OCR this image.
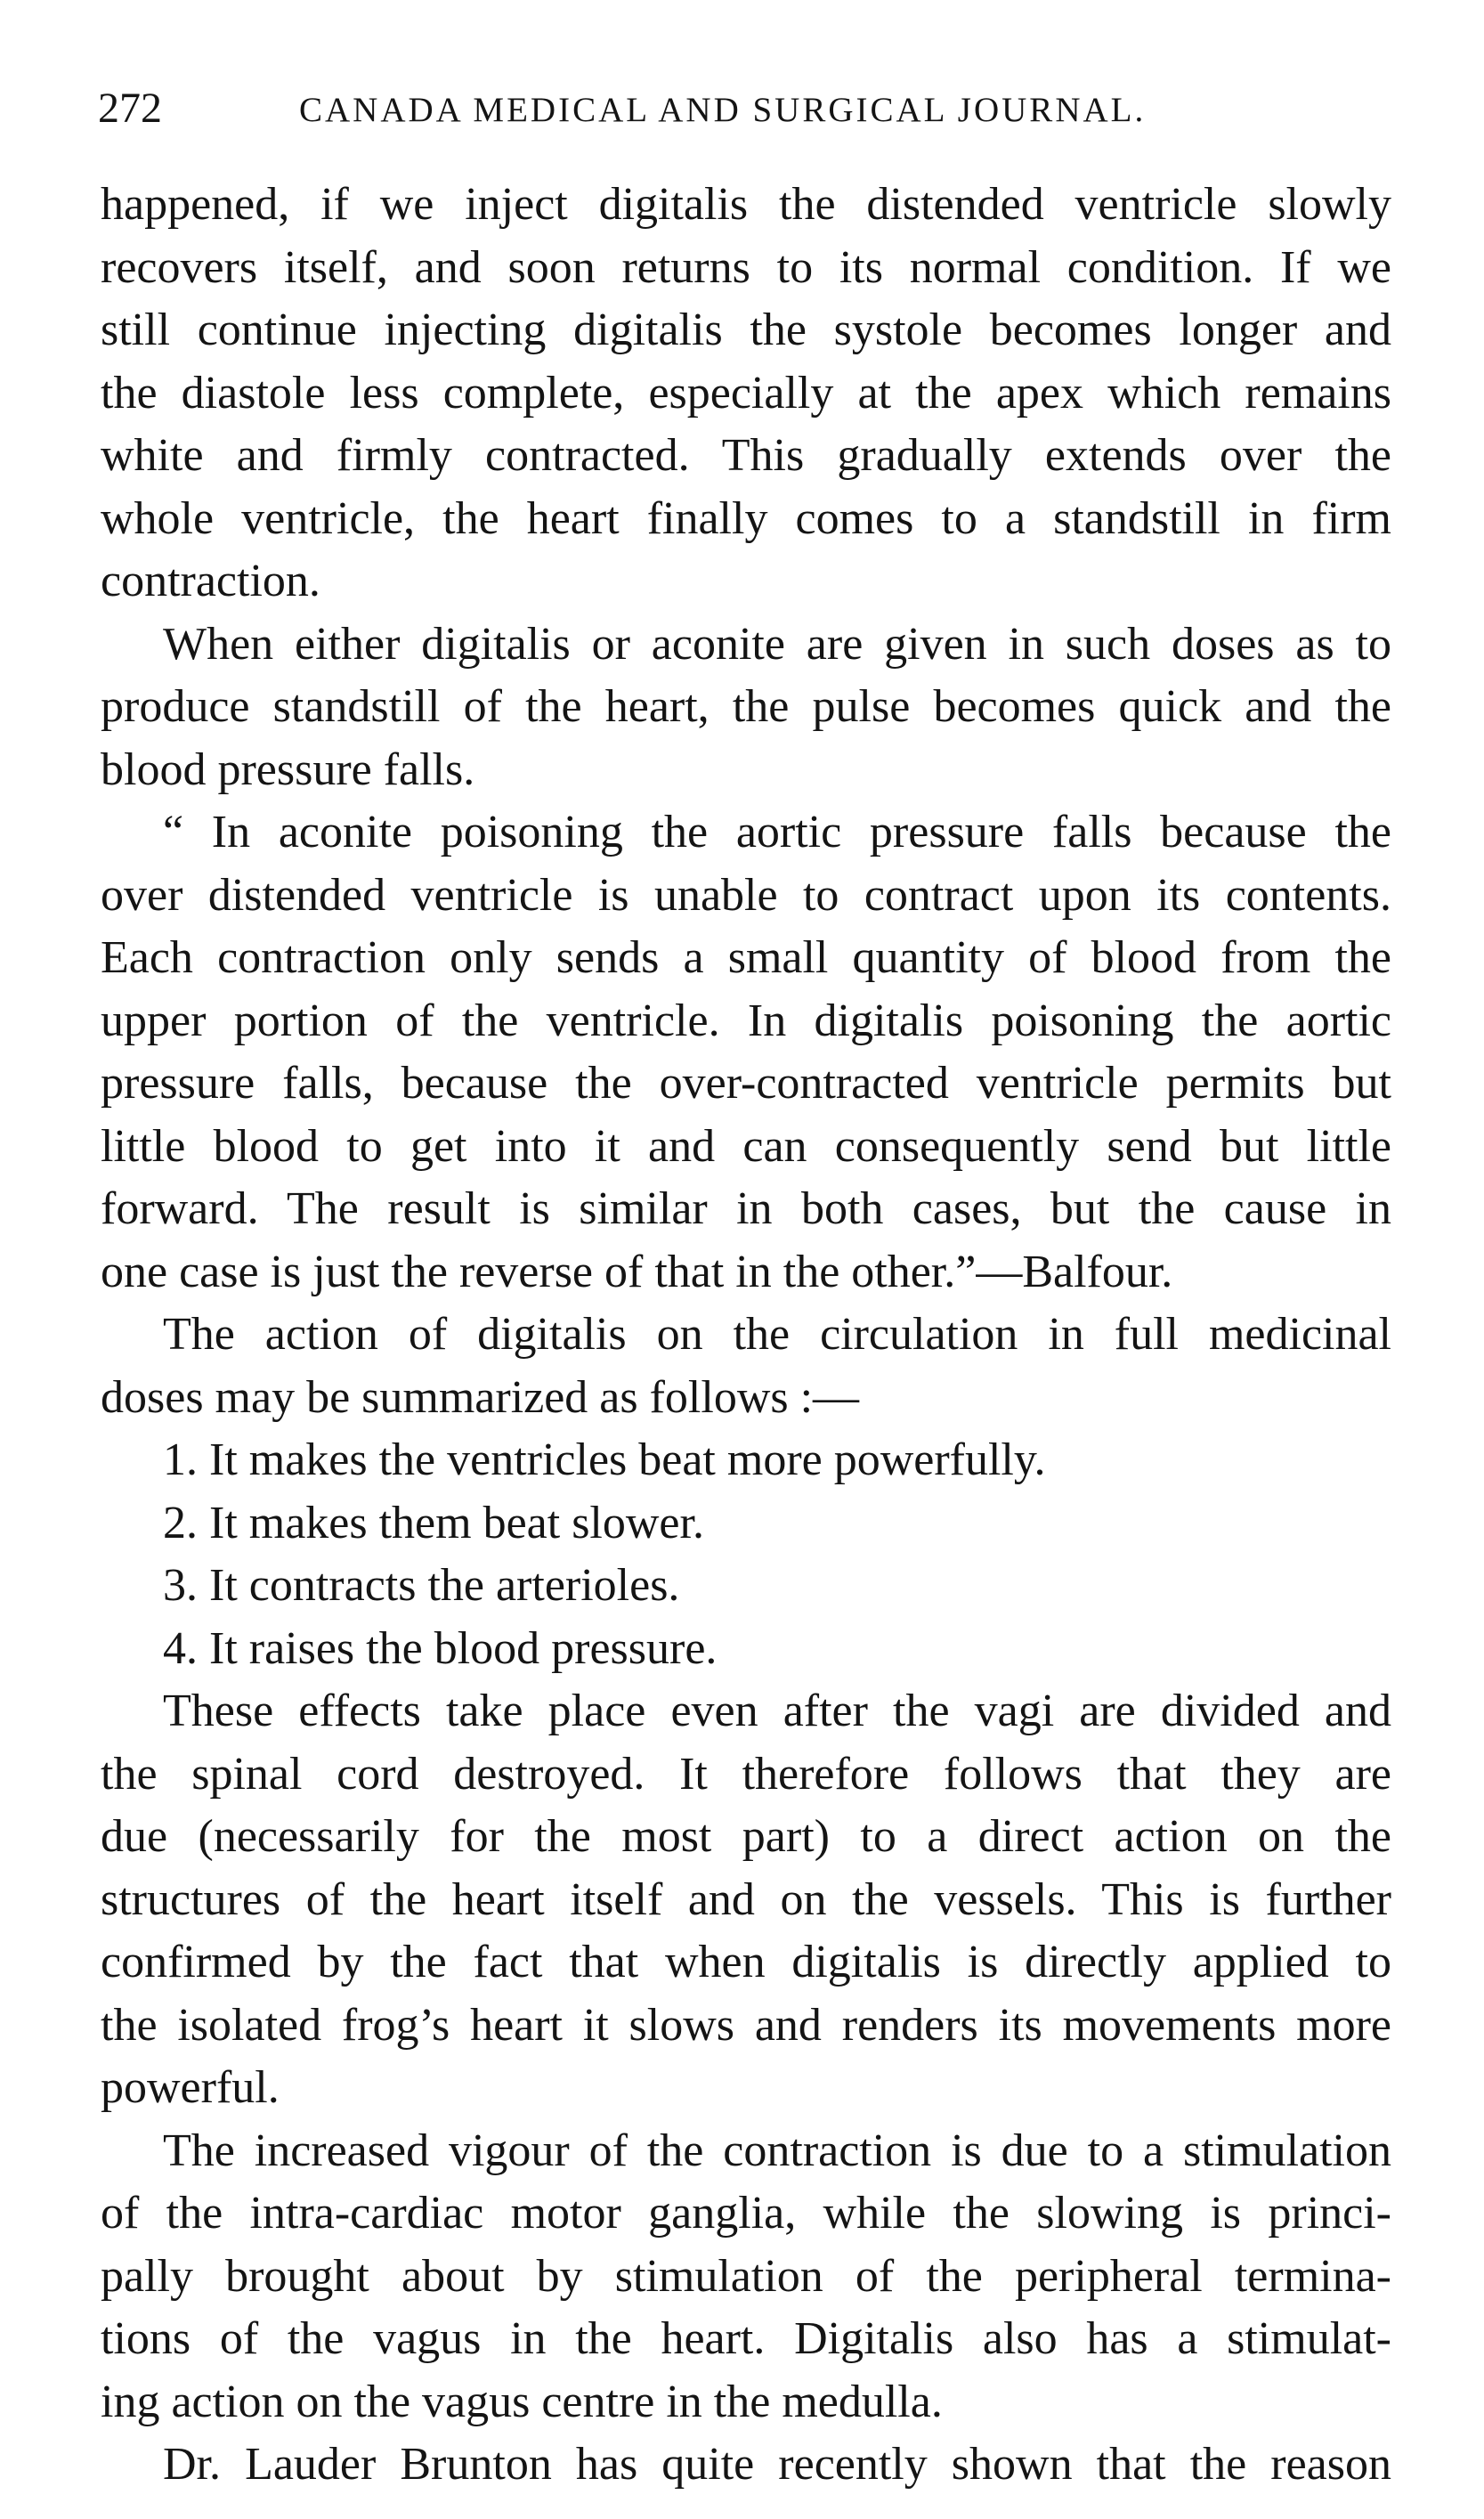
272	CANADA MEDICAL AND SURGICAL JOURNAL.
happened, if we inject digitalis the distended ventricle slowly
recovers itself, and soon returns to its normal condition. If we
still continue injecting digitalis the systole becomes longer and
the diastole less complete, especially at the apex which remains
white and firmly contracted. This gradually extends over the
whole ventricle, the heart finally comes to a standstill in firm
contraction.
When either digitalis or aconite are given in such doses as to
produce standstill of the heart, the pulse becomes quick and the
blood pressure falls.
“ In aconite poisoning the aortic pressure falls because the
over distended ventricle is unable to contract upon its contents.
Each contraction only sends a small quantity of blood from the
upper portion of the ventricle. In digitalis poisoning the aortic
pressure falls, because the over-contracted ventricle permits but
little blood to get into it and can consequently send but little
forward. The result is similar in both cases, but the cause in
one case is just the reverse of that in the other.”—Balfour.
The action of digitalis on the circulation in full medicinal
doses may be summarized as follows :—
1. It makes the ventricles beat more powerfully.
2. It makes them beat slower.
3. It contracts the arterioles.
4. It raises the blood pressure.
These effects take place even after the vagi are divided and
the spinal cord destroyed. It therefore follows that they are
due (necessarily for the most part) to a direct action on the
structures of the heart itself and on the vessels. This is further
confirmed by the fact that when digitalis is directly applied to
the isolated frog’s heart it slows and renders its movements more
powerful.
The increased vigour of the contraction is due to a stimulation
of the intra-cardiac motor ganglia, while the slowing is princi-
pally brought about by stimulation of the peripheral termina-
tions of the vagus in the heart. Digitalis also has a stimulat-
ing action on the vagus centre in the medulla.
Dr. Lauder Brunton has quite recently shown that the reason
